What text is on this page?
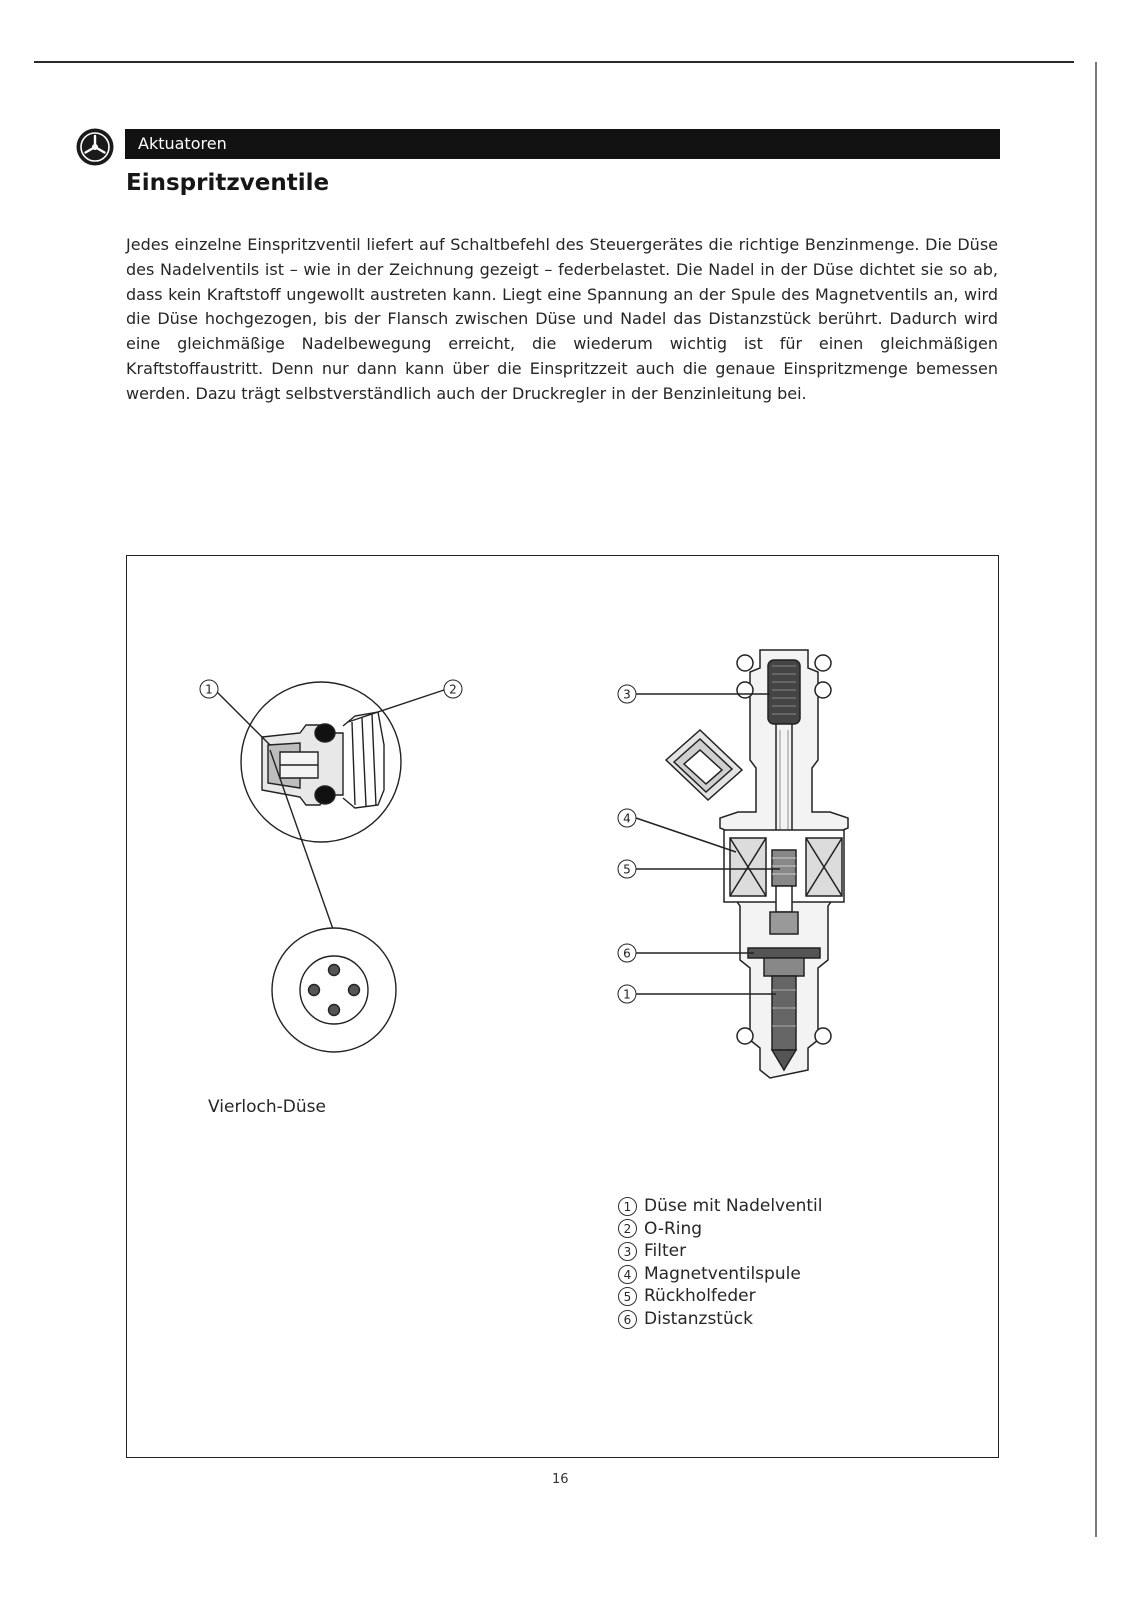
Aktuatoren
Einspritzventile

Jedes einzelne Einspritzventil liefert auf Schaltbefehl des Steuergerätes die richtige Benzinmenge. Die Düse des Nadelventils ist – wie in der Zeichnung gezeigt – federbelastet. Die Nadel in der Düse dichtet sie so ab, dass kein Kraftstoff ungewollt austreten kann. Liegt eine Spannung an der Spule des Magnetventils an, wird die Düse hochgezogen, bis der Flansch zwischen Düse und Nadel das Distanzstück berührt. Dadurch wird eine gleichmäßige Nadelbewegung erreicht, die wiederum wichtig ist für einen gleichmäßigen Kraftstoffaustritt. Denn nur dann kann über die Einspritzzeit auch die genaue Einspritzmenge bemessen werden. Dazu trägt selbstverständlich auch der Druckregler in der Benzinleitung bei.

1	2	3
4
5
6
1

Vierloch-Düse

1 Düse mit Nadelventil
2 O-Ring
3 Filter
4 Magnetventilspule
5 Rückholfeder
6 Distanzstück
16
